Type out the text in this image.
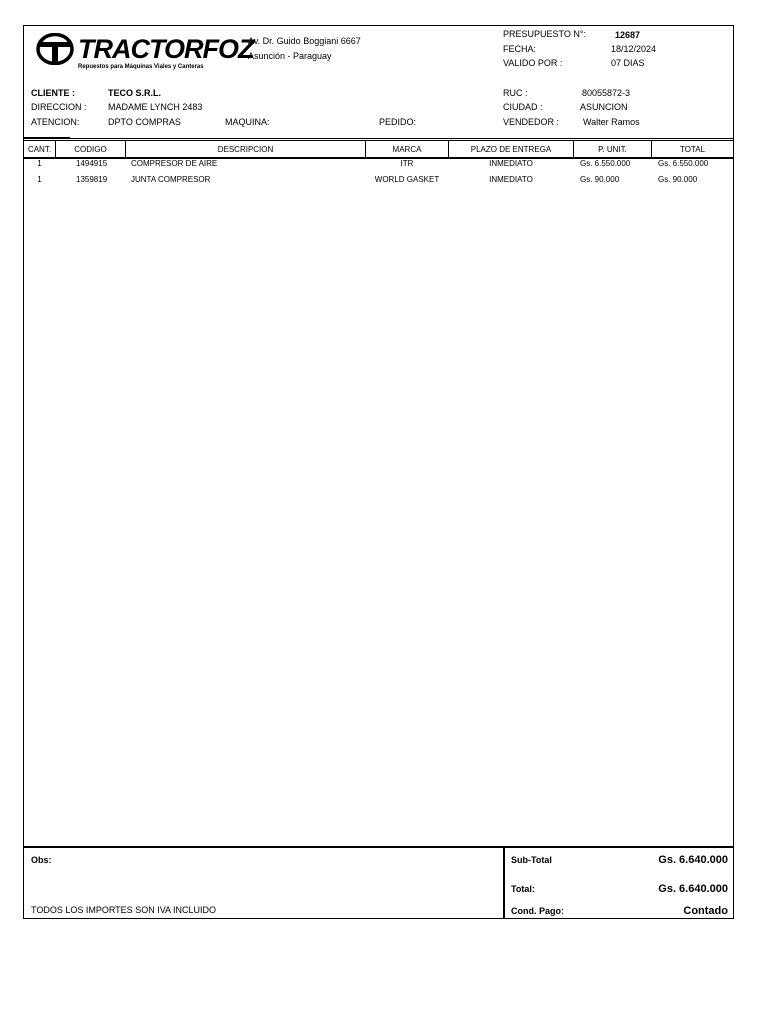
TRACTORFOZ
Repuestos para Máquinas Viales y Canteras
Av. Dr. Guido Boggiani 6667
Asunción - Paraguay
PRESUPUESTO N°:	12687
FECHA:	18/12/2024
VALIDO POR :	07 DIAS
CLIENTE :	TECO S.R.L.
DIRECCION : MADAME LYNCH 2483
ATENCION:	DPTO COMPRAS	MAQUINA:	PEDIDO:
RUC :	80055872-3
CIUDAD :	ASUNCION
VENDEDOR :	Walter Ramos
CANT.	CODIGO	DESCRIPCION	MARCA	PLAZO DE ENTREGA	P. UNIT.	TOTAL
1	1494915	COMPRESOR DE AIRE	ITR	INMEDIATO	Gs. 6.550.000	Gs. 6.550.000
1	1359819	JUNTA COMPRESOR	WORLD GASKET	INMEDIATO	Gs. 90.000	Gs. 90.000
Obs:
TODOS LOS IMPORTES SON IVA INCLUIDO
Sub-Total	Gs. 6.640.000
Total:	Gs. 6.640.000
Cond. Pago:	Contado
